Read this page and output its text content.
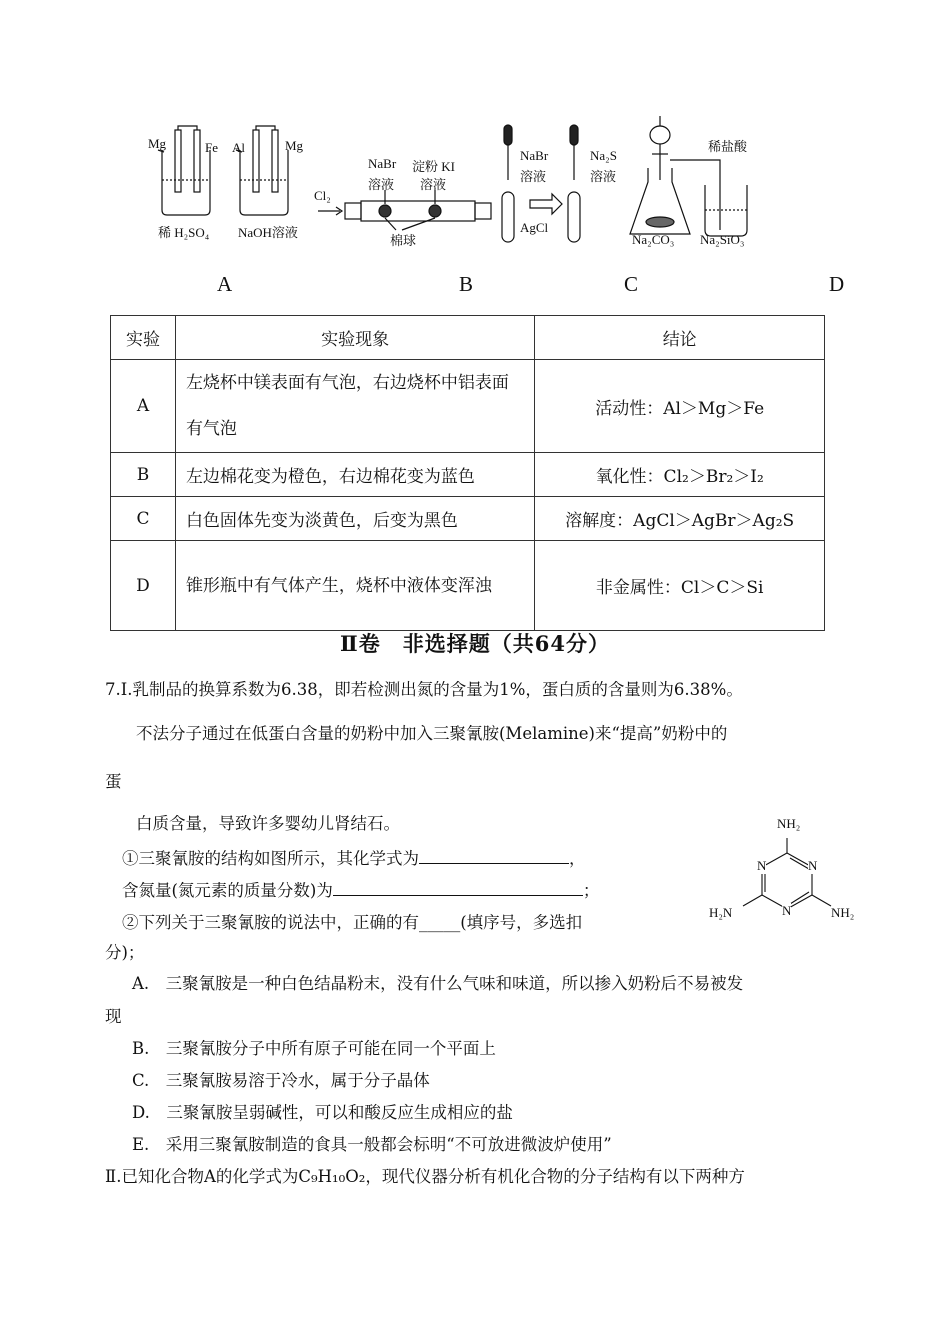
Mg	Fe Al	Mg
稀 H₂SO₄ NaOH溶液
Cl₂
NaBr
溶液
淀粉 KI
溶液
棉球
NaBr
溶液
Na₂S
溶液
AgCl
稀盐酸
Na₂CO₃ Na₂SiO₃
A	B	C	D
实验	实验现象	结论
A	左烧杯中镁表面有气泡，右边烧杯中铝表面有气泡	活动性：Al＞Mg＞Fe
B	左边棉花变为橙色，右边棉花变为蓝色	氧化性：Cl₂＞Br₂＞I₂
C	白色固体先变为淡黄色，后变为黑色	溶解度：AgCl＞AgBr＞Ag₂S
D	锥形瓶中有气体产生，烧杯中液体变浑浊	非金属性：Cl＞C＞Si
Ⅱ卷　非选择题（共64分）
7.Ⅰ.乳制品的换算系数为6.38，即若检测出氮的含量为1%，蛋白质的含量则为6.38%。
不法分子通过在低蛋白含量的奶粉中加入三聚氰胺(Melamine)来“提高”奶粉中的
蛋
白质含量，导致许多婴幼儿肾结石。
①三聚氰胺的结构如图所示，其化学式为	，
含氮量(氮元素的质量分数)为	；
②下列关于三聚氰胺的说法中，正确的有_____(填序号，多选扣
分)；
A.　三聚氰胺是一种白色结晶粉末，没有什么气味和味道，所以掺入奶粉后不易被发
现
B.　三聚氰胺分子中所有原子可能在同一个平面上
C.　三聚氰胺易溶于冷水，属于分子晶体
D.　三聚氰胺呈弱碱性，可以和酸反应生成相应的盐
E.　采用三聚氰胺制造的食具一般都会标明“不可放进微波炉使用”
Ⅱ.已知化合物A的化学式为C₉H₁₀O₂，现代仪器分析有机化合物的分子结构有以下两种方
NH₂
H₂N	NH₂
N	N
N
